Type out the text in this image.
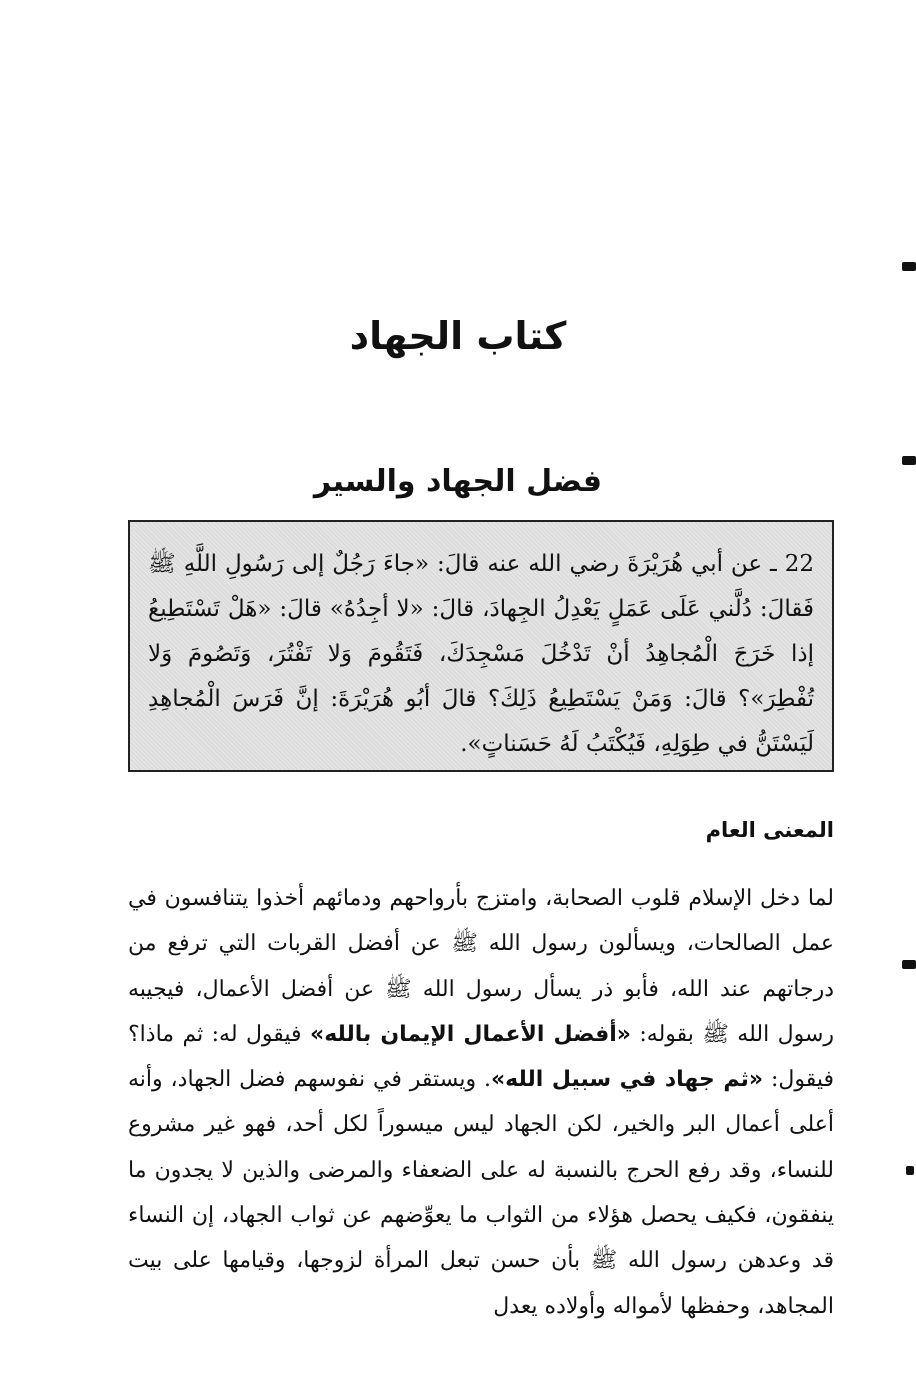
كتاب الجهاد
فضل الجهاد والسير

22 ـ عن أبي هُرَيْرَةَ رضي الله عنه قالَ: «جاءَ رَجُلٌ إلى رَسُولِ اللَّهِ ﷺ فَقالَ: دُلَّني عَلَى عَمَلٍ يَعْدِلُ الجِهادَ، قالَ: «لا أجِدُهُ» قالَ: «هَلْ تَسْتَطِيعُ إذا خَرَجَ الْمُجاهِدُ أنْ تَدْخُلَ مَسْجِدَكَ، فَتَقُومَ وَلا تَفْتُرَ، وَتَصُومَ وَلا تُفْطِرَ»؟ قالَ: وَمَنْ يَسْتَطِيعُ ذَلِكَ؟ قالَ أبُو هُرَيْرَةَ: إنَّ فَرَسَ الْمُجاهِدِ لَيَسْتَنُّ في طِوَلِهِ، فَيُكْتَبُ لَهُ حَسَناتٍ».

المعنى العام

لما دخل الإسلام قلوب الصحابة، وامتزج بأرواحهم ودمائهم أخذوا يتنافسون في عمل الصالحات، ويسألون رسول الله ﷺ عن أفضل القربات التي ترفع من درجاتهم عند الله، فأبو ذر يسأل رسول الله ﷺ عن أفضل الأعمال، فيجيبه رسول الله ﷺ بقوله: «أفضل الأعمال الإيمان بالله» فيقول له: ثم ماذا؟ فيقول: «ثم جهاد في سبيل الله». ويستقر في نفوسهم فضل الجهاد، وأنه أعلى أعمال البر والخير، لكن الجهاد ليس ميسوراً لكل أحد، فهو غير مشروع للنساء، وقد رفع الحرج بالنسبة له على الضعفاء والمرضى والذين لا يجدون ما ينفقون، فكيف يحصل هؤلاء من الثواب ما يعوِّضهم عن ثواب الجهاد، إن النساء قد وعدهن رسول الله ﷺ بأن حسن تبعل المرأة لزوجها، وقيامها على بيت المجاهد، وحفظها لأمواله وأولاده يعدل
